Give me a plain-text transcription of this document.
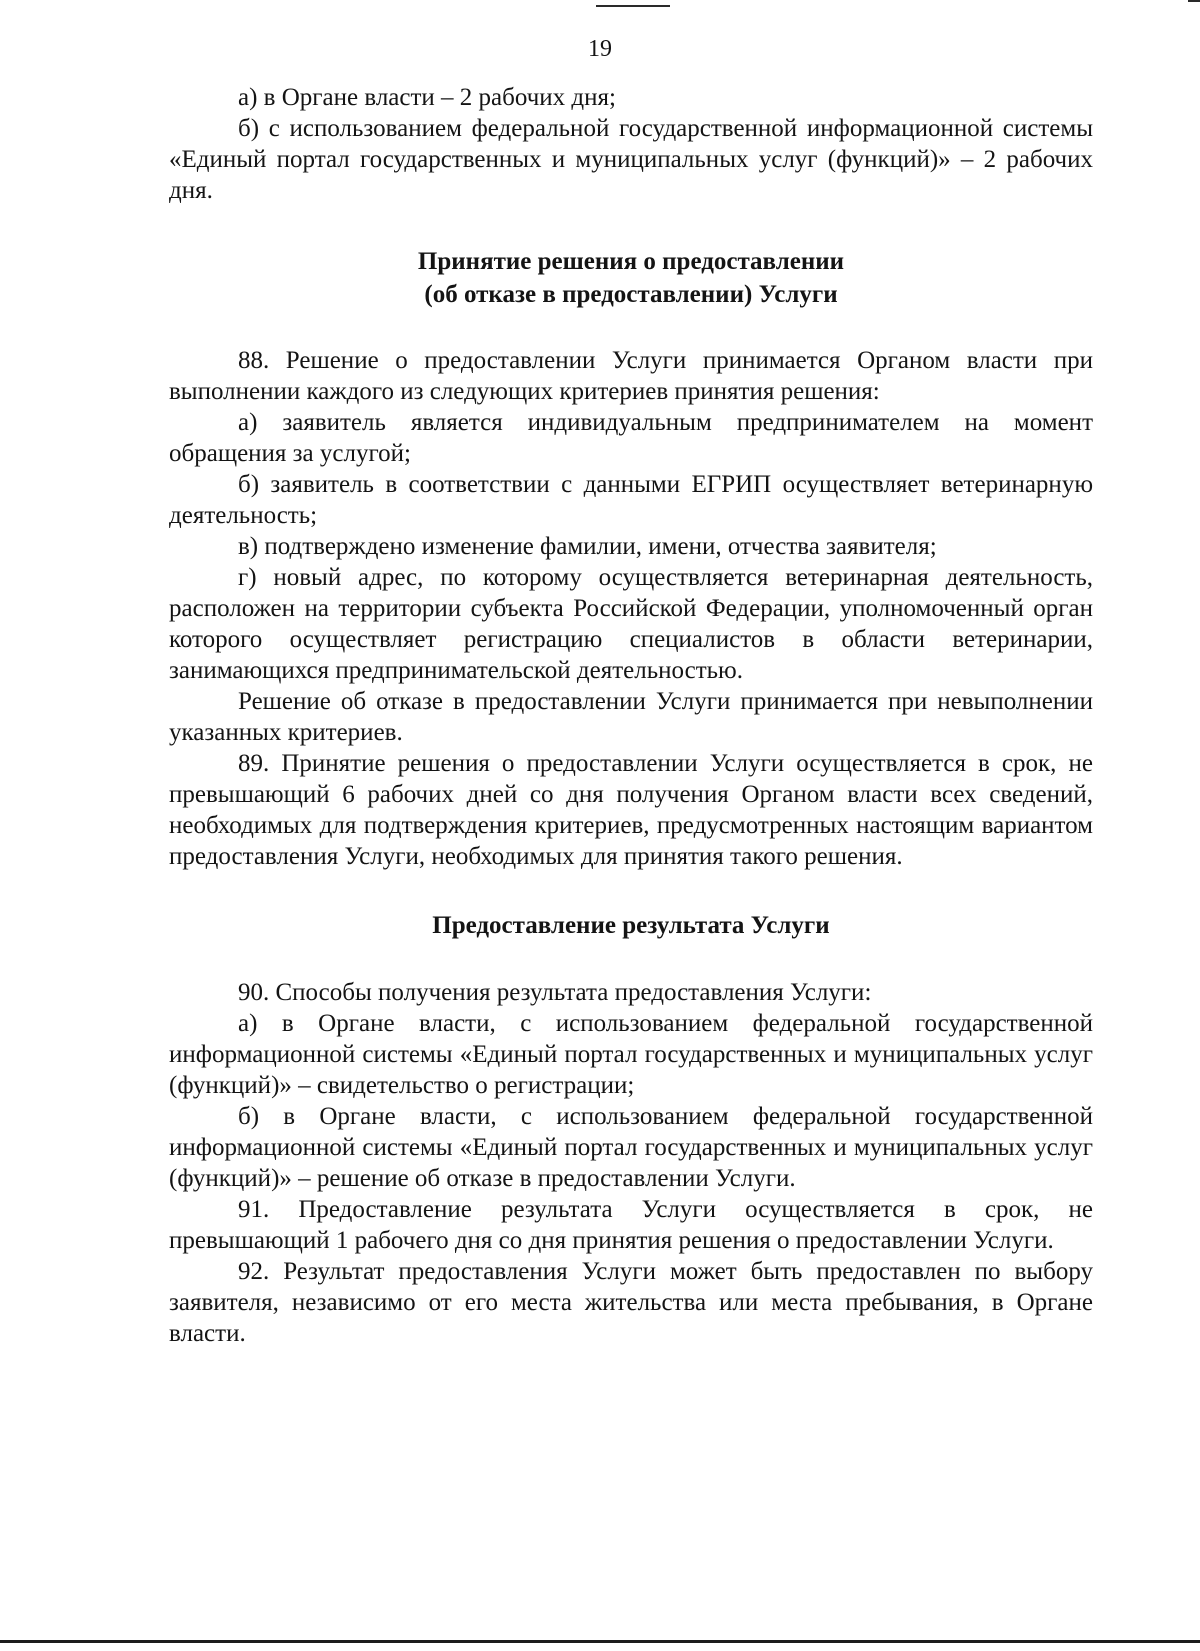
19

а) в Органе власти – 2 рабочих дня;

б) с использованием федеральной государственной информационной системы «Единый портал государственных и муниципальных услуг (функций)» – 2 рабочих дня.

Принятие решения о предоставлении
(об отказе в предоставлении) Услуги

88. Решение о предоставлении Услуги принимается Органом власти при выполнении каждого из следующих критериев принятия решения:

а) заявитель является индивидуальным предпринимателем на момент обращения за услугой;

б) заявитель в соответствии с данными ЕГРИП осуществляет ветеринарную деятельность;

в) подтверждено изменение фамилии, имени, отчества заявителя;

г) новый адрес, по которому осуществляется ветеринарная деятельность, расположен на территории субъекта Российской Федерации, уполномоченный орган которого осуществляет регистрацию специалистов в области ветеринарии, занимающихся предпринимательской деятельностью.

Решение об отказе в предоставлении Услуги принимается при невыполнении указанных критериев.

89. Принятие решения о предоставлении Услуги осуществляется в срок, не превышающий 6 рабочих дней со дня получения Органом власти всех сведений, необходимых для подтверждения критериев, предусмотренных настоящим вариантом предоставления Услуги, необходимых для принятия такого решения.

Предоставление результата Услуги

90. Способы получения результата предоставления Услуги:

а) в Органе власти, с использованием федеральной государственной информационной системы «Единый портал государственных и муниципальных услуг (функций)» – свидетельство о регистрации;

б) в Органе власти, с использованием федеральной государственной информационной системы «Единый портал государственных и муниципальных услуг (функций)» – решение об отказе в предоставлении Услуги.

91. Предоставление результата Услуги осуществляется в срок, не превышающий 1 рабочего дня со дня принятия решения о предоставлении Услуги.

92. Результат предоставления Услуги может быть предоставлен по выбору заявителя, независимо от его места жительства или места пребывания, в Органе власти.
